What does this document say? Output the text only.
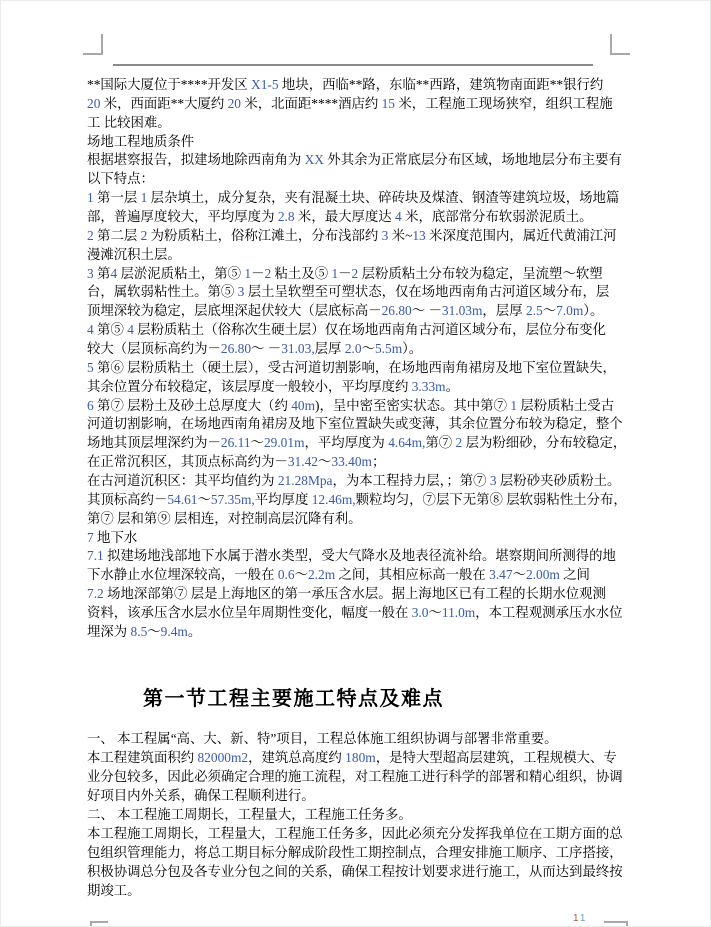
**国际大厦位于****开发区 X1-5 地块，西临**路，东临**西路，建筑物南面距**银行约
20 米，西面距**大厦约 20 米，北面距****酒店约 15 米，工程施工现场狭窄，组织工程施
工 比较困难。
场地工程地质条件
根据堪察报告，拟建场地除西南角为 XX 外其余为正常底层分布区域，场地地层分布主要有
以下特点：
1 第一层 1 层杂填土，成分复杂，夹有混凝土块、碎砖块及煤渣、钢渣等建筑垃圾，场地篇
部，普遍厚度较大，平均厚度为 2.8 米，最大厚度达 4 米，底部常分布软弱淤泥质土。
2 第二层 2 为粉质粘土，俗称江滩土，分布浅部约 3 米~13 米深度范围内，属近代黄浦江河
漫滩沉积土层。
3 第4 层淤泥质粘土，第⑤ 1－2 粘土及⑤ 1－2 层粉质粘土分布较为稳定，呈流塑～软塑
台，属软弱粘性土。第⑤ 3 层土呈软塑至可塑状态，仅在场地西南角古河道区域分布，层
顶埋深较为稳定，层底埋深起伏较大（层底标高－26.80～ －31.03m，层厚 2.5～7.0m）。
4 第⑤ 4 层粉质粘土（俗称次生硬土层）仅在场地西南角古河道区域分布，层位分布变化
较大（层顶标高约为－26.80～ －31.03,层厚 2.0～5.5m）。
5 第⑥ 层粉质粘土（硬土层），受古河道切割影响，在场地西南角裙房及地下室位置缺失，
其余位置分布较稳定，该层厚度一般较小，平均厚度约 3.33m。
6 第⑦ 层粉土及砂土总厚度大（约 40m)，呈中密至密实状态。其中第⑦ 1 层粉质粘土受古
河道切割影响，在场地西南角裙房及地下室位置缺失或变薄，其余位置分布较为稳定，整个
场地其顶层埋深约为－26.11～29.01m，平均厚度为 4.64m,第⑦ 2 层为粉细砂，分布较稳定，
在正常沉积区，其顶点标高约为－31.42～33.40m；
在古河道沉积区：其平均值约为 21.28Mpa，为本工程持力层，；第⑦ 3 层粉砂夹砂质粉土。
其顶标高约－54.61～57.35m,平均厚度 12.46m,颗粒均匀，⑦层下无第⑧ 层软弱粘性土分布，
第⑦ 层和第⑨ 层相连，对控制高层沉降有利。
7 地下水
7.1 拟建场地浅部地下水属于潜水类型，受大气降水及地表径流补给。堪察期间所测得的地
下水静止水位埋深较高，一般在 0.6～2.2m 之间，其相应标高一般在 3.47～2.00m 之间
7.2 场地深部第⑦ 层是上海地区的第一承压含水层。据上海地区已有工程的长期水位观测
资料，该承压含水层水位呈年周期性变化，幅度一般在 3.0～11.0m，本工程观测承压水水位
埋深为 8.5～9.4m。
第一节工程主要施工特点及难点
一、 本工程属“高、大、新、特”项目，工程总体施工组织协调与部署非常重要。
本工程建筑面积约 82000m2，建筑总高度约 180m，是特大型超高层建筑，工程规模大、专
业分包较多，因此必须确定合理的施工流程，对工程施工进行科学的部署和精心组织，协调
好项目内外关系，确保工程顺利进行。
二、 本工程施工周期长，工程量大，工程施工任务多。
本工程施工周期长，工程量大，工程施工任务多，因此必须充分发挥我单位在工期方面的总
包组织管理能力，将总工期目标分解成阶段性工期控制点，合理安排施工顺序、工序搭接，
积极协调总分包及各专业分包之间的关系，确保工程按计划要求进行施工，从而达到最终按
期竣工。
11
